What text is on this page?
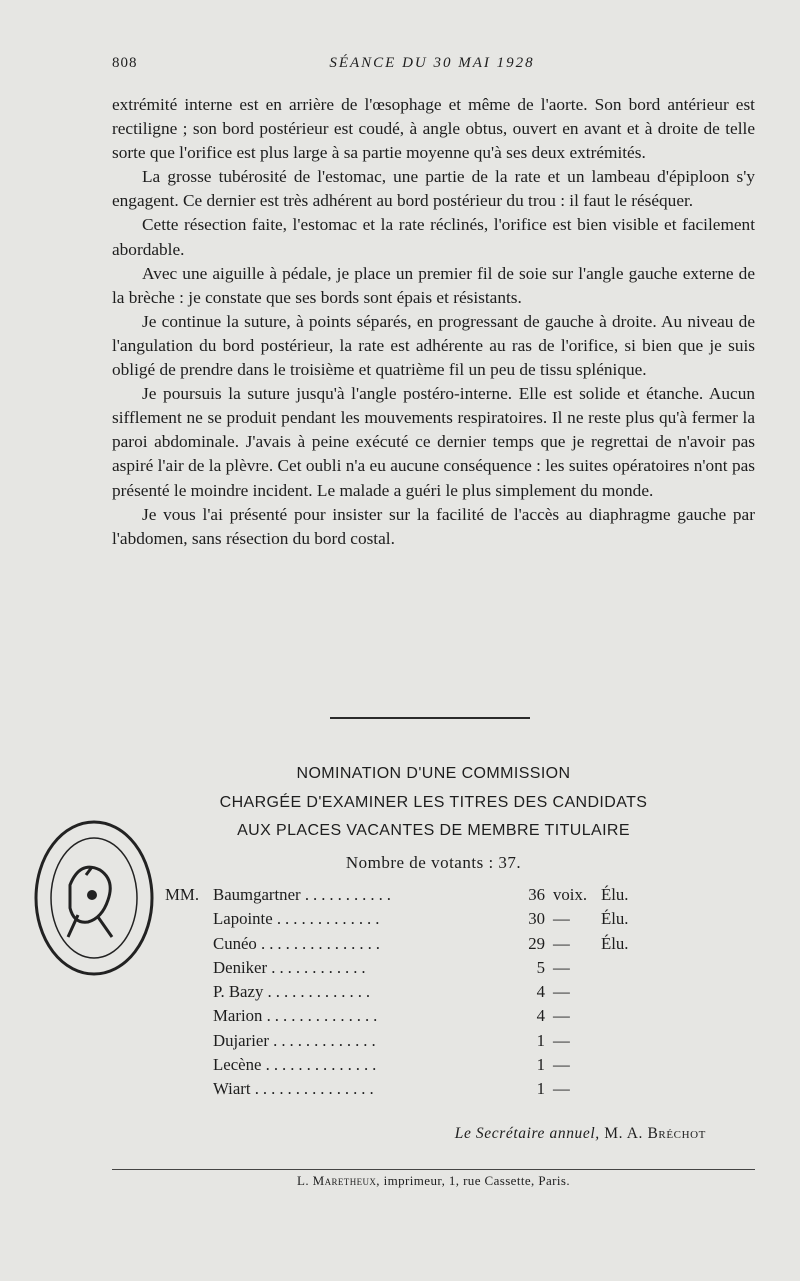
808	SÉANCE DU 30 MAI 1928

extrémité interne est en arrière de l'œsophage et même de l'aorte. Son bord antérieur est rectiligne ; son bord postérieur est coudé, à angle obtus, ouvert en avant et à droite de telle sorte que l'orifice est plus large à sa partie moyenne qu'à ses deux extrémités.

La grosse tubérosité de l'estomac, une partie de la rate et un lambeau d'épiploon s'y engagent. Ce dernier est très adhérent au bord postérieur du trou : il faut le réséquer.

Cette résection faite, l'estomac et la rate réclinés, l'orifice est bien visible et facilement abordable.

Avec une aiguille à pédale, je place un premier fil de soie sur l'angle gauche externe de la brèche : je constate que ses bords sont épais et résistants.

Je continue la suture, à points séparés, en progressant de gauche à droite. Au niveau de l'angulation du bord postérieur, la rate est adhérente au ras de l'orifice, si bien que je suis obligé de prendre dans le troisième et quatrième fil un peu de tissu splénique.

Je poursuis la suture jusqu'à l'angle postéro-interne. Elle est solide et étanche. Aucun sifflement ne se produit pendant les mouvements respiratoires. Il ne reste plus qu'à fermer la paroi abdominale. J'avais à peine exécuté ce dernier temps que je regrettai de n'avoir pas aspiré l'air de la plèvre. Cet oubli n'a eu aucune conséquence : les suites opératoires n'ont pas présenté le moindre incident. Le malade a guéri le plus simplement du monde.

Je vous l'ai présenté pour insister sur la facilité de l'accès au diaphragme gauche par l'abdomen, sans résection du bord costal.

NOMINATION D'UNE COMMISSION
CHARGÉE D'EXAMINER LES TITRES DES CANDIDATS
AUX PLACES VACANTES DE MEMBRE TITULAIRE
Nombre de votants : 37.
MM. Baumgartner ...........	36 voix. Élu.
Lapointe .............	30 —	Élu.
Cunéo ...............	29 —	Élu.
Deniker ............	5 —
P. Bazy .............	4 —
Marion ..............	4 —
Dujarier .............	1 —
Lecène ..............	1 —
Wiart ...............	1 —
Le Secrétaire annuel, M. A. Bréchot
L. Maretheux, imprimeur, 1, rue Cassette, Paris.
